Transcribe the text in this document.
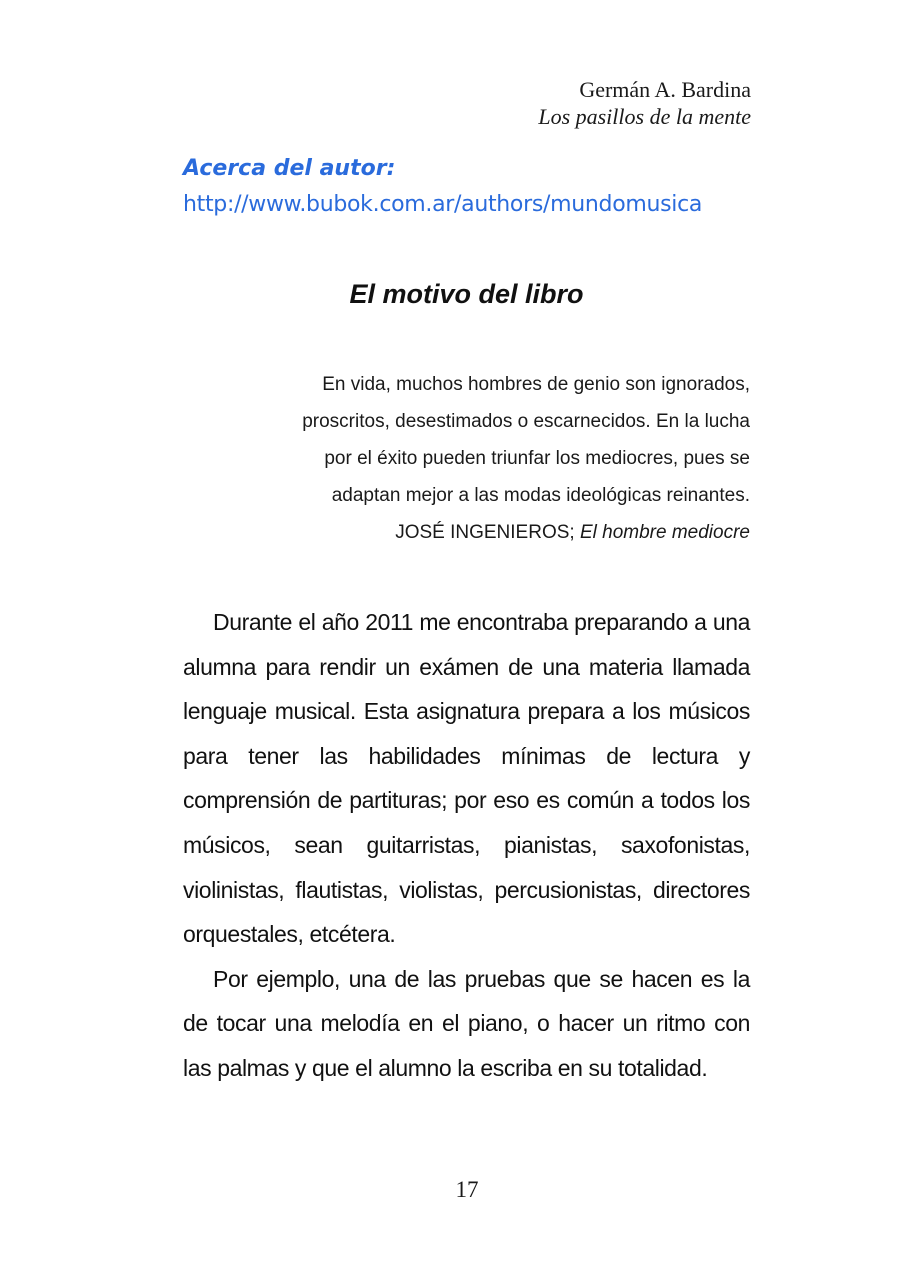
Germán A. Bardina
Los pasillos de la mente
Acerca del autor:
http://www.bubok.com.ar/authors/mundomusica
El motivo del libro

En vida, muchos hombres de genio son ignorados,

proscritos, desestimados o escarnecidos. En la lucha

por el éxito pueden triunfar los mediocres, pues se

adaptan mejor a las modas ideológicas reinantes.

JOSÉ INGENIEROS; El hombre mediocre

Durante el año 2011 me encontraba preparando a una alumna para rendir un exámen de una materia llamada lenguaje musical. Esta asignatura prepara a los músicos para tener las habilidades mínimas de lectura y comprensión de partituras; por eso es común a todos los músicos, sean guitarristas, pianistas, saxofonistas, violinistas, flautistas, violistas, percusionistas, directores orquestales, etcétera.

Por ejemplo, una de las pruebas que se hacen es la de tocar una melodía en el piano, o hacer un ritmo con las palmas y que el alumno la escriba en su totalidad.

17
